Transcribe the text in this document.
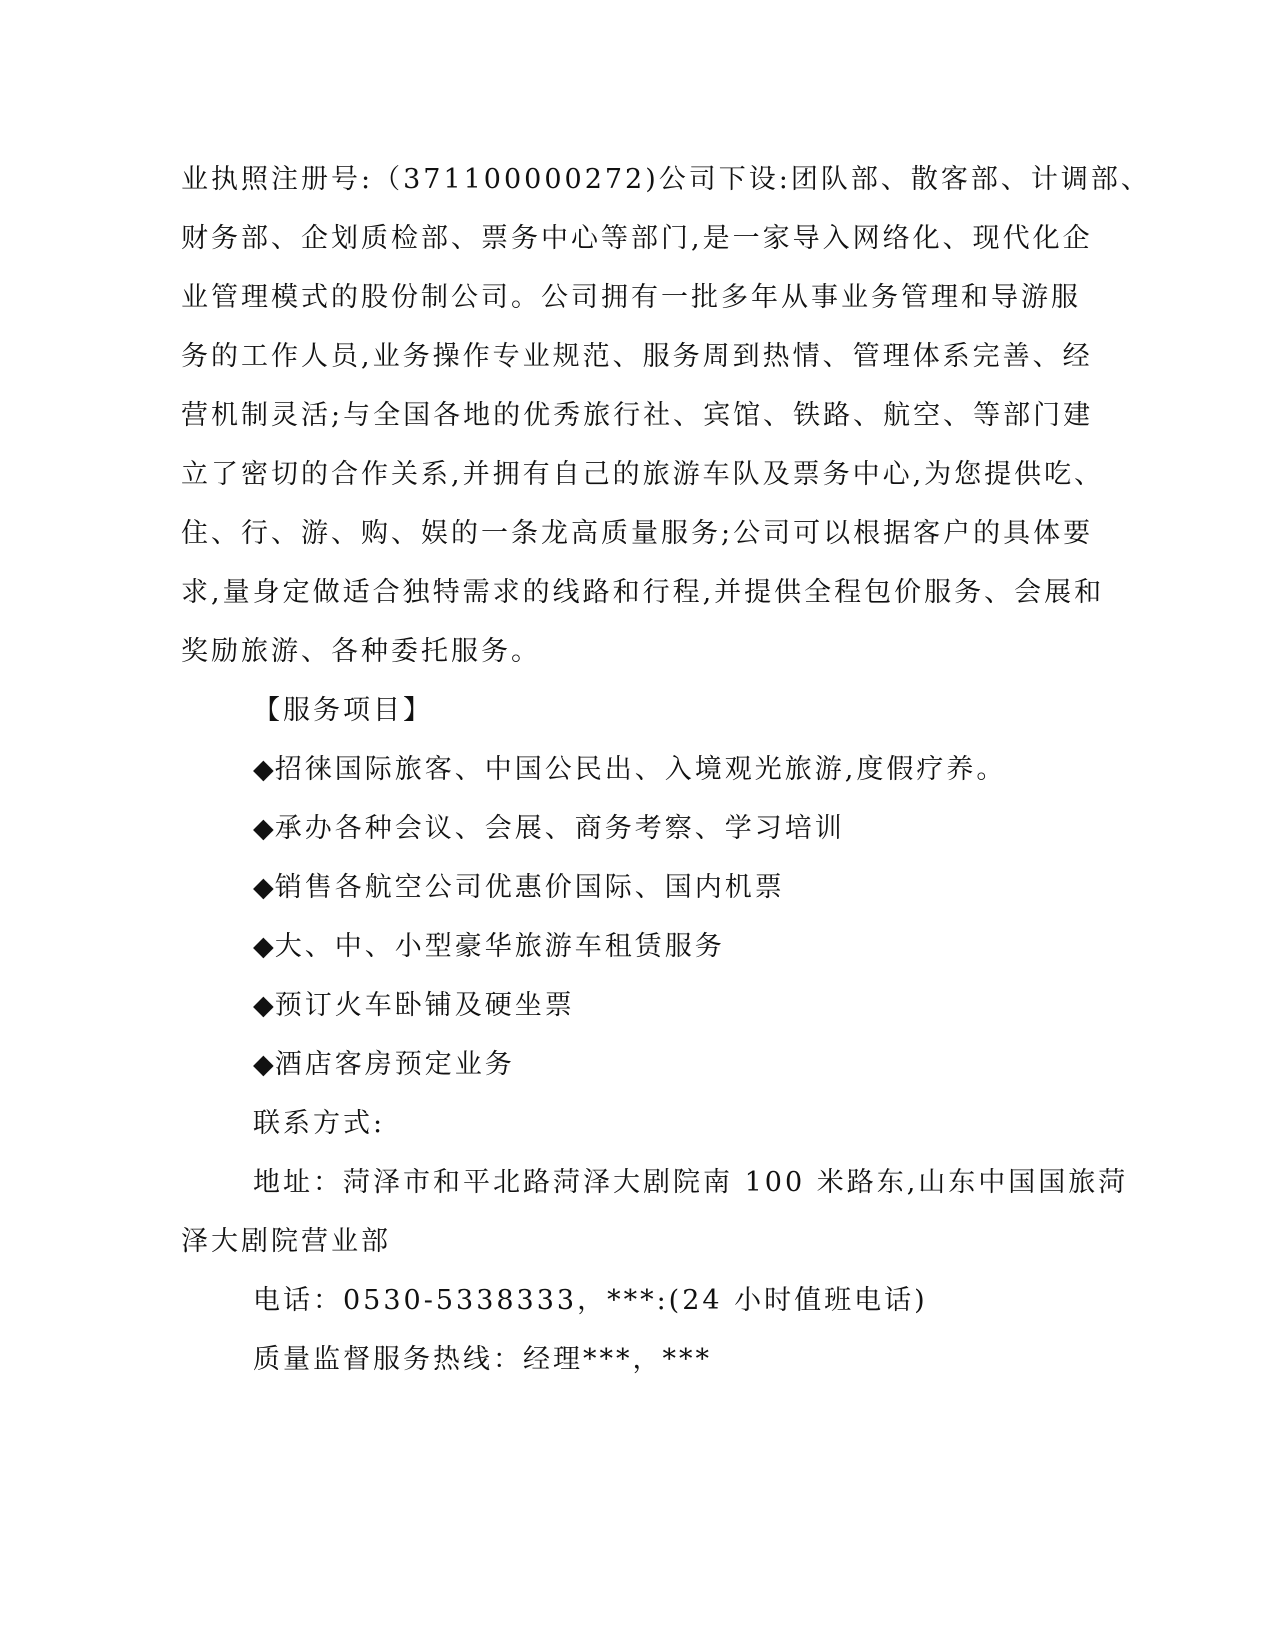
业执照注册号:（371100000272)公司下设:团队部、散客部、计调部、
财务部、企划质检部、票务中心等部门,是一家导入网络化、现代化企
业管理模式的股份制公司。公司拥有一批多年从事业务管理和导游服
务的工作人员,业务操作专业规范、服务周到热情、管理体系完善、经
营机制灵活;与全国各地的优秀旅行社、宾馆、铁路、航空、等部门建
立了密切的合作关系,并拥有自己的旅游车队及票务中心,为您提供吃、
住、行、游、购、娱的一条龙高质量服务;公司可以根据客户的具体要
求,量身定做适合独特需求的线路和行程,并提供全程包价服务、会展和
奖励旅游、各种委托服务。
【服务项目】
◆招徕国际旅客、中国公民出、入境观光旅游,度假疗养。
◆承办各种会议、会展、商务考察、学习培训
◆销售各航空公司优惠价国际、国内机票
◆大、中、小型豪华旅游车租赁服务
◆预订火车卧铺及硬坐票
◆酒店客房预定业务
联系方式:
地址：菏泽市和平北路菏泽大剧院南 100 米路东,山东中国国旅菏
泽大剧院营业部
电话：0530-5338333，***:(24 小时值班电话)
质量监督服务热线：经理***，***
